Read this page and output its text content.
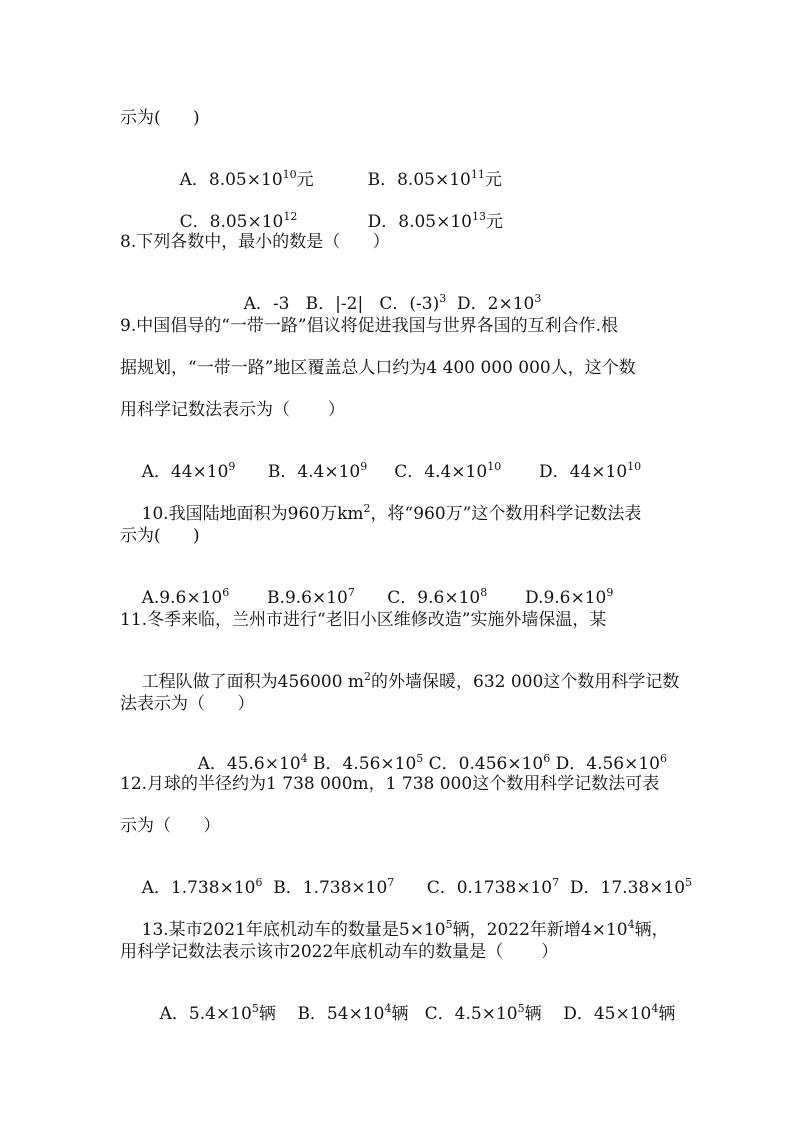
示为(      )

A．$8.05\times 10^{10}$元
	B．$8.05\times 10^{11}$元

C．$8.05\times 10^{12}$
	D．$8.05\times 10^{13}$元

8.下列各数中，最小的数是（      ）

A．-3   B．|-2|   C．$(-3)^3$  D．$2\times 10^3$

9.中国倡导的“一带一路”倡议将促进我国与世界各国的互利合作.根
据规划，“一带一路”地区覆盖总人口约为4 400 000 000人，这个数
用科学记数法表示为（       ）

A．$44\times 10^9$      B．$4.4\times 10^9$     C．$4.4\times 10^{10}$       D．$44\times 10^{10}$

10.我国陆地面积为960万$km^2$，将“960万”这个数用科学记数法表

示为(      )

$A.9.6\times 10^6$       $B.9.6\times 10^7$      C．$9.6\times 10^8$       $D.9.6\times 10^9$

11.冬季来临，兰州市进行“老旧小区维修改造”实施外墙保温，某

工程队做了面积为456000 $m^2$的外墙保暖，632 000这个数用科学记数

法表示为（      ）

A．$45.6\times 10^4$ B．$4.56\times 10^5$ C．$0.456\times 10^6$ D．$4.56\times 10^6$

12.月球的半径约为1 738 000m，1 738 000这个数用科学记数法可表
示为（      ）

A．$1.738\times 10^6$  B．$1.738\times 10^7$      C．$0.1738\times 10^7$  D．$17.38\times 10^5$

13.某市2021年底机动车的数量是$5\times 10^5$辆，2022年新增$4\times 10^4$辆，

用科学记数法表示该市2022年底机动车的数量是（       ）

A．$5.4\times 10^5$辆    B．$54\times 10^4$辆   C．$4.5\times 10^5$辆    D．$45\times 10^4$辆
